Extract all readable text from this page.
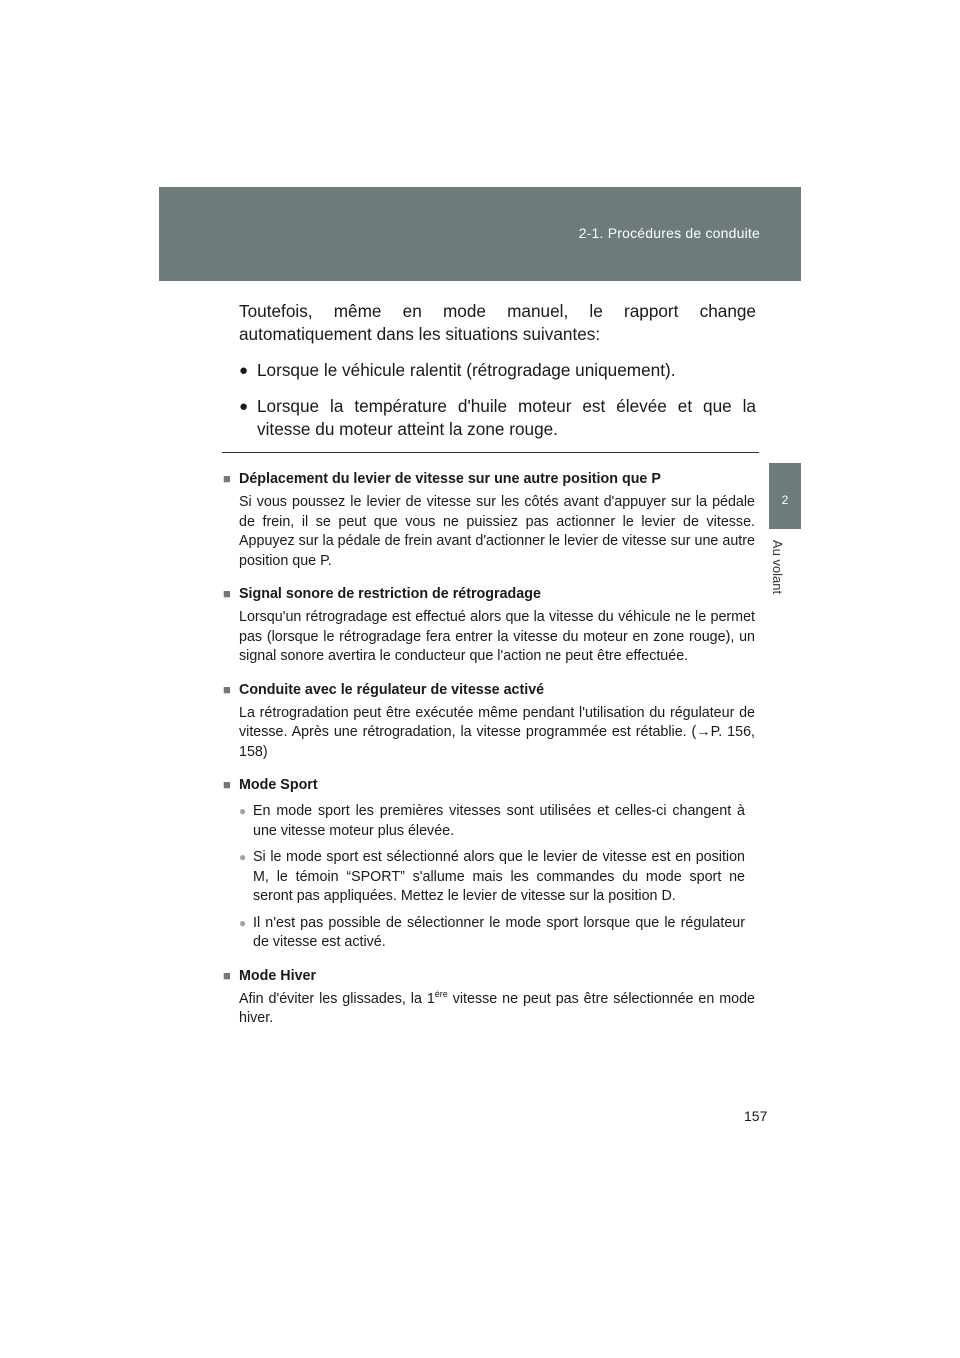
2-1. Procédures de conduite
2
Au volant

Toutefois, même en mode manuel, le rapport change automatiquement dans les situations suivantes:

● Lorsque le véhicule ralentit (rétrogradage uniquement).

● Lorsque la température d'huile moteur est élevée et que la vitesse du moteur atteint la zone rouge.

■ Déplacement du levier de vitesse sur une autre position que P
Si vous poussez le levier de vitesse sur les côtés avant d'appuyer sur la pédale de frein, il se peut que vous ne puissiez pas actionner le levier de vitesse. Appuyez sur la pédale de frein avant d'actionner le levier de vitesse sur une autre position que P.
■ Signal sonore de restriction de rétrogradage
Lorsqu'un rétrogradage est effectué alors que la vitesse du véhicule ne le permet pas (lorsque le rétrogradage fera entrer la vitesse du moteur en zone rouge), un signal sonore avertira le conducteur que l'action ne peut être effectuée.
■ Conduite avec le régulateur de vitesse activé
La rétrogradation peut être exécutée même pendant l'utilisation du régulateur de vitesse. Après une rétrogradation, la vitesse programmée est rétablie. (→P. 156, 158)
■ Mode Sport
● En mode sport les premières vitesses sont utilisées et celles-ci changent à une vitesse moteur plus élevée.
● Si le mode sport est sélectionné alors que le levier de vitesse est en position M, le témoin “SPORT” s'allume mais les commandes du mode sport ne seront pas appliquées. Mettez le levier de vitesse sur la position D.
● Il n'est pas possible de sélectionner le mode sport lorsque que le régulateur de vitesse est activé.
■ Mode Hiver
Afin d'éviter les glissades, la $1^{ére}$ vitesse ne peut pas être sélectionnée en mode hiver.
157
